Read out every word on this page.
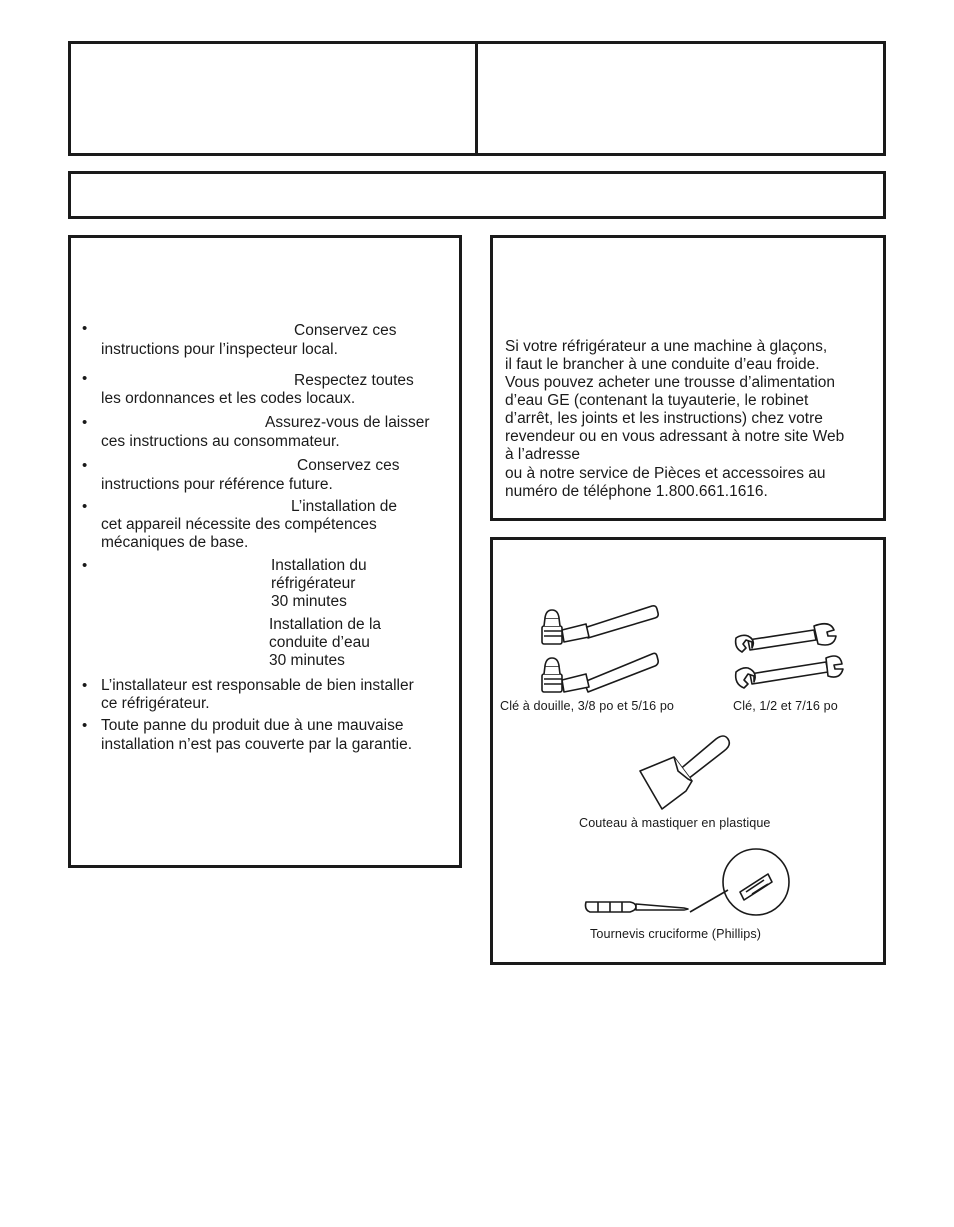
•
•
•
•
•
•
•
•
Conservez ces
instructions pour l’inspecteur local.
Respectez toutes
les ordonnances et les codes locaux.
Assurez-vous de laisser
ces instructions au consommateur.
Conservez ces
instructions pour référence future.
L’installation de
cet appareil nécessite des compétences
mécaniques de base.
Installation du
réfrigérateur
30 minutes
Installation de la
conduite d’eau
30 minutes
L’installateur est responsable de bien installer
ce réfrigérateur.
Toute panne du produit due à une mauvaise
installation n’est pas couverte par la garantie.
Si votre réfrigérateur a une machine à glaçons,
il faut le brancher à une conduite d’eau froide.
Vous pouvez acheter une trousse d’alimentation
d’eau GE (contenant la tuyauterie, le robinet
d’arrêt, les joints et les instructions) chez votre
revendeur ou en vous adressant à notre site Web
à l’adresse
ou à notre service de Pièces et accessoires au
numéro de téléphone 1.800.661.1616.
Clé à douille, 3/8 po et 5/16 po	Clé, 1/2 et 7/16 po
Couteau à mastiquer en plastique
Tournevis cruciforme (Phillips)
